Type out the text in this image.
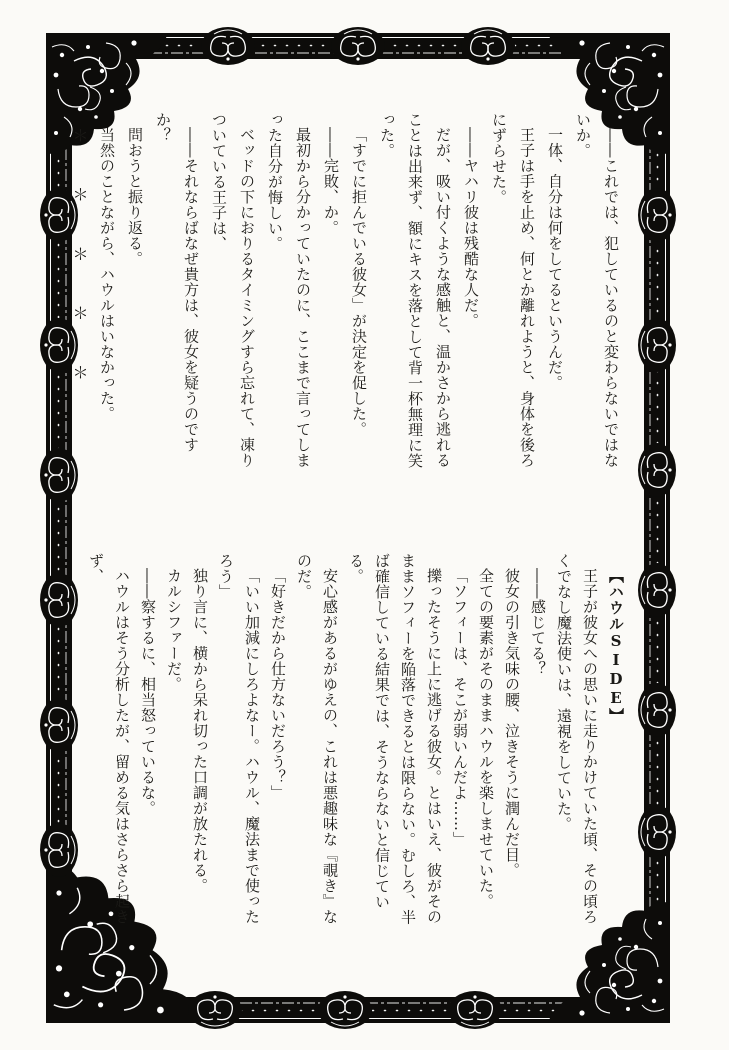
――これでは、犯しているのと変わらないではないか。

一体、自分は何をしてるというんだ。

王子は手を止め、何とか離れようと、身体を後ろにずらせた。

――ヤハリ彼は残酷な人だ。

だが、吸い付くような感触と、温かさから逃れることは出来ず、額にキスを落として背一杯無理に笑った。

「すでに拒んでいる彼女」が決定を促した。

――完敗、か。

最初から分かっていたのに、ここまで言ってしまった自分が悔しい。

ベッドの下におりるタイミングすら忘れて、凍りついている王子は、

――それならばなぜ貴方は、彼女を疑うのですか？

問おうと振り返る。

当然のことながら、ハウルはいなかった。

＊　＊　＊　＊　＊

【ハウルSIDE】

王子が彼女への思いに走りかけていた頃、その頃ろくでなし魔法使いは、遠視をしていた。

――感じてる？

彼女の引き気味の腰、泣きそうに潤んだ目。

全ての要素がそのままハウルを楽しませていた。

「ソフィーは、そこが弱いんだよ……」

擽ったそうに上に逃げる彼女。とはいえ、彼がそのままソフィーを陥落できるとは限らない。むしろ、半ば確信している結果では、そうならないと信じている。

安心感があるがゆえの、これは悪趣味な『覗き』なのだ。

「好きだから仕方ないだろう？」

「いい加減にしろよなー。ハウル、魔法まで使ったろう」

独り言に、横から呆れ切った口調が放たれる。

カルシファーだ。

――察するに、相当怒っているな。

ハウルはそう分析したが、留める気はさらさら起きず、
